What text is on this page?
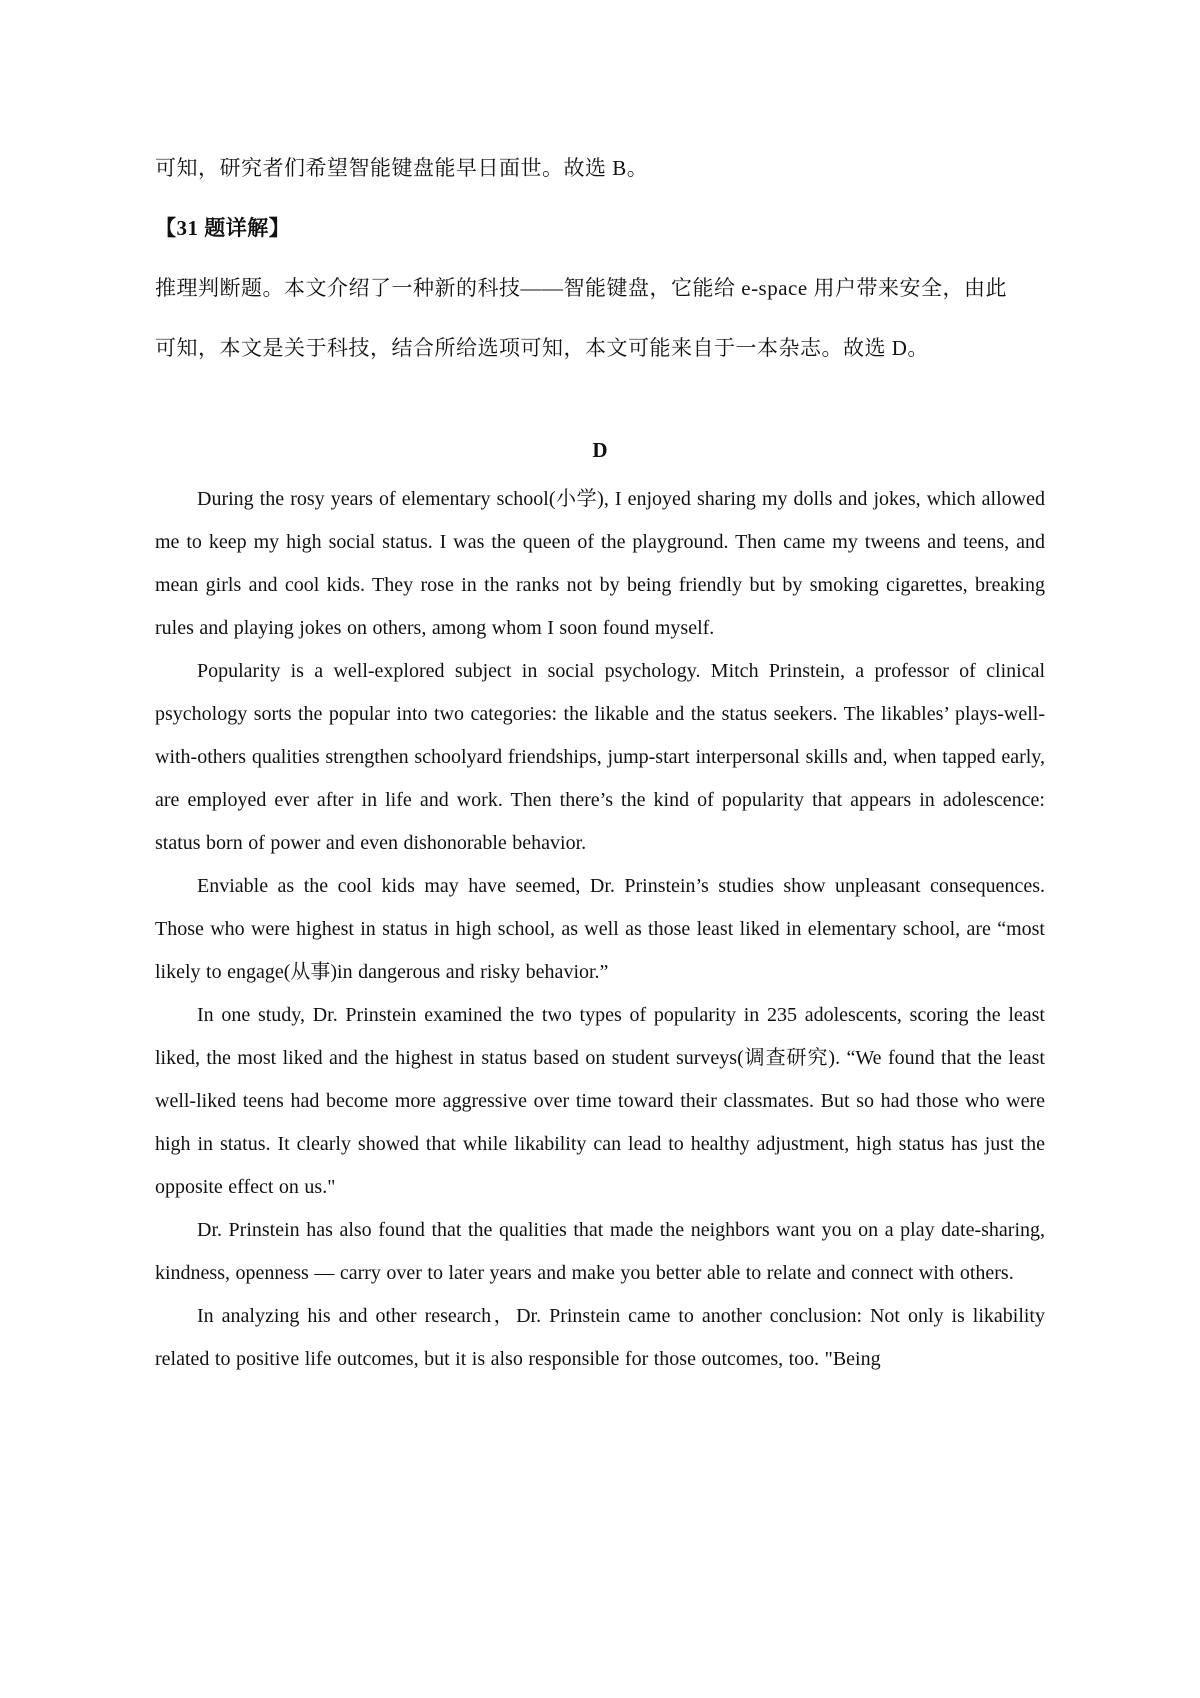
可知，研究者们希望智能键盘能早日面世。故选 B。
【31 题详解】
推理判断题。本文介绍了一种新的科技——智能键盘，它能给 e-space 用户带来安全，由此
可知，本文是关于科技，结合所给选项可知，本文可能来自于一本杂志。故选 D。
D

During the rosy years of elementary school(小学), I enjoyed sharing my dolls and jokes, which allowed me to keep my high social status. I was the queen of the playground. Then came my tweens and teens, and mean girls and cool kids. They rose in the ranks not by being friendly but by smoking cigarettes, breaking rules and playing jokes on others, among whom I soon found myself.

Popularity is a well-explored subject in social psychology. Mitch Prinstein, a professor of clinical psychology sorts the popular into two categories: the likable and the status seekers. The likables’ plays-well-with-others qualities strengthen schoolyard friendships, jump-start interpersonal skills and, when tapped early, are employed ever after in life and work. Then there’s the kind of popularity that appears in adolescence: status born of power and even dishonorable behavior.

Enviable as the cool kids may have seemed, Dr. Prinstein’s studies show unpleasant consequences. Those who were highest in status in high school, as well as those least liked in elementary school, are “most likely to engage(从事)in dangerous and risky behavior.”

In one study, Dr. Prinstein examined the two types of popularity in 235 adolescents, scoring the least liked, the most liked and the highest in status based on student surveys(调查研究). “We found that the least well-liked teens had become more aggressive over time toward their classmates. But so had those who were high in status. It clearly showed that while likability can lead to healthy adjustment, high status has just the opposite effect on us."

Dr. Prinstein has also found that the qualities that made the neighbors want you on a play date-sharing, kindness, openness — carry over to later years and make you better able to relate and connect with others.

In analyzing his and other research，Dr. Prinstein came to another conclusion: Not only is likability related to positive life outcomes, but it is also responsible for those outcomes, too. "Being
